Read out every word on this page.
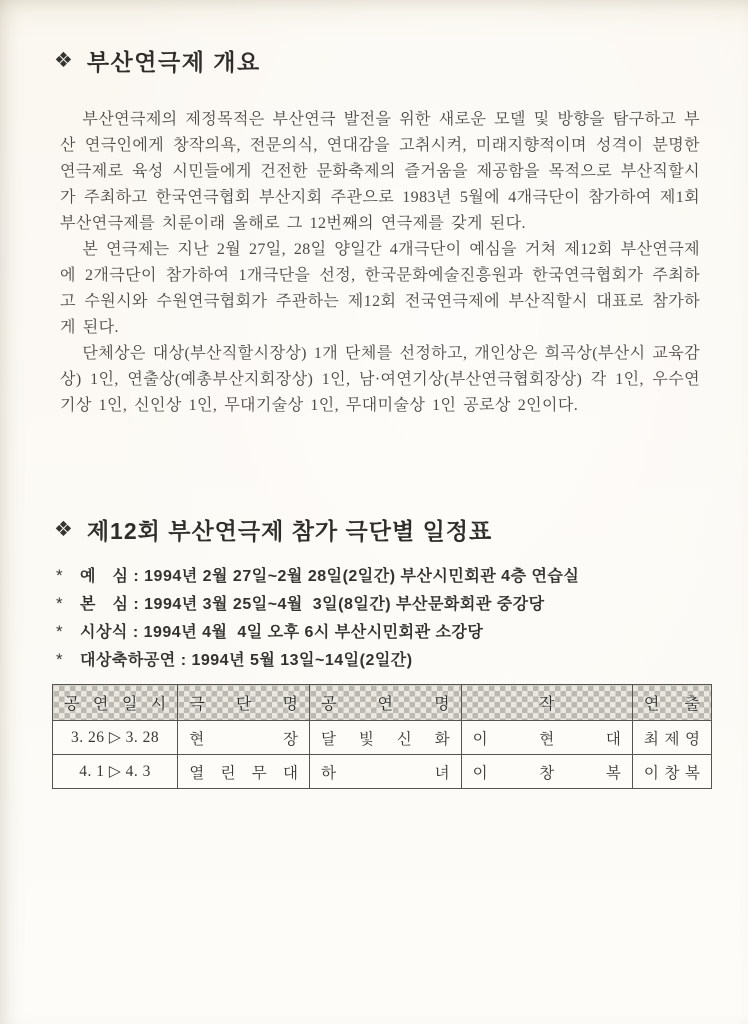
❖ 부산연극제 개요

부산연극제의 제정목적은 부산연극 발전을 위한 새로운 모델 및 방향을 탐구하고 부산 연극인에게 창작의욕, 전문의식, 연대감을 고취시켜, 미래지향적이며 성격이 분명한 연극제로 육성 시민들에게 건전한 문화축제의 즐거움을 제공함을 목적으로 부산직할시가 주최하고 한국연극협회 부산지회 주관으로 1983년 5월에 4개극단이 참가하여 제1회 부산연극제를 치룬이래 올해로 그 12번째의 연극제를 갖게 된다.

본 연극제는 지난 2월 27일, 28일 양일간 4개극단이 예심을 거쳐 제12회 부산연극제에 2개극단이 참가하여 1개극단을 선정, 한국문화예술진흥원과 한국연극협회가 주최하고 수원시와 수원연극협회가 주관하는 제12회 전국연극제에 부산직할시 대표로 참가하게 된다.

단체상은 대상(부산직할시장상) 1개 단체를 선정하고, 개인상은 희곡상(부산시 교육감상) 1인, 연출상(예총부산지회장상) 1인, 남·여연기상(부산연극협회장상) 각 1인, 우수연기상 1인, 신인상 1인, 무대기술상 1인, 무대미술상 1인 공로상 2인이다.

❖ 제12회 부산연극제 참가 극단별 일정표
*	예　심 : 1994년 2월 27일~2월 28일(2일간) 부산시민회관 4층 연습실
*	본　심 : 1994년 3월 25일~4월  3일(8일간) 부산문화회관 중강당
*	시상식 : 1994년 4월  4일 오후 6시 부산시민회관 소강당
*	대상축하공연 : 1994년 5월 13일~14일(2일간)
공 연 일 시	극 단 명	공 연 명	작	연 출

3. 26 ▷ 3. 28	현 장	달 빛 신 화	이 현 대	최 제 영

4. 1 ▷ 4. 3	열 린 무 대	하 녀	이 창 복	이 창 복
